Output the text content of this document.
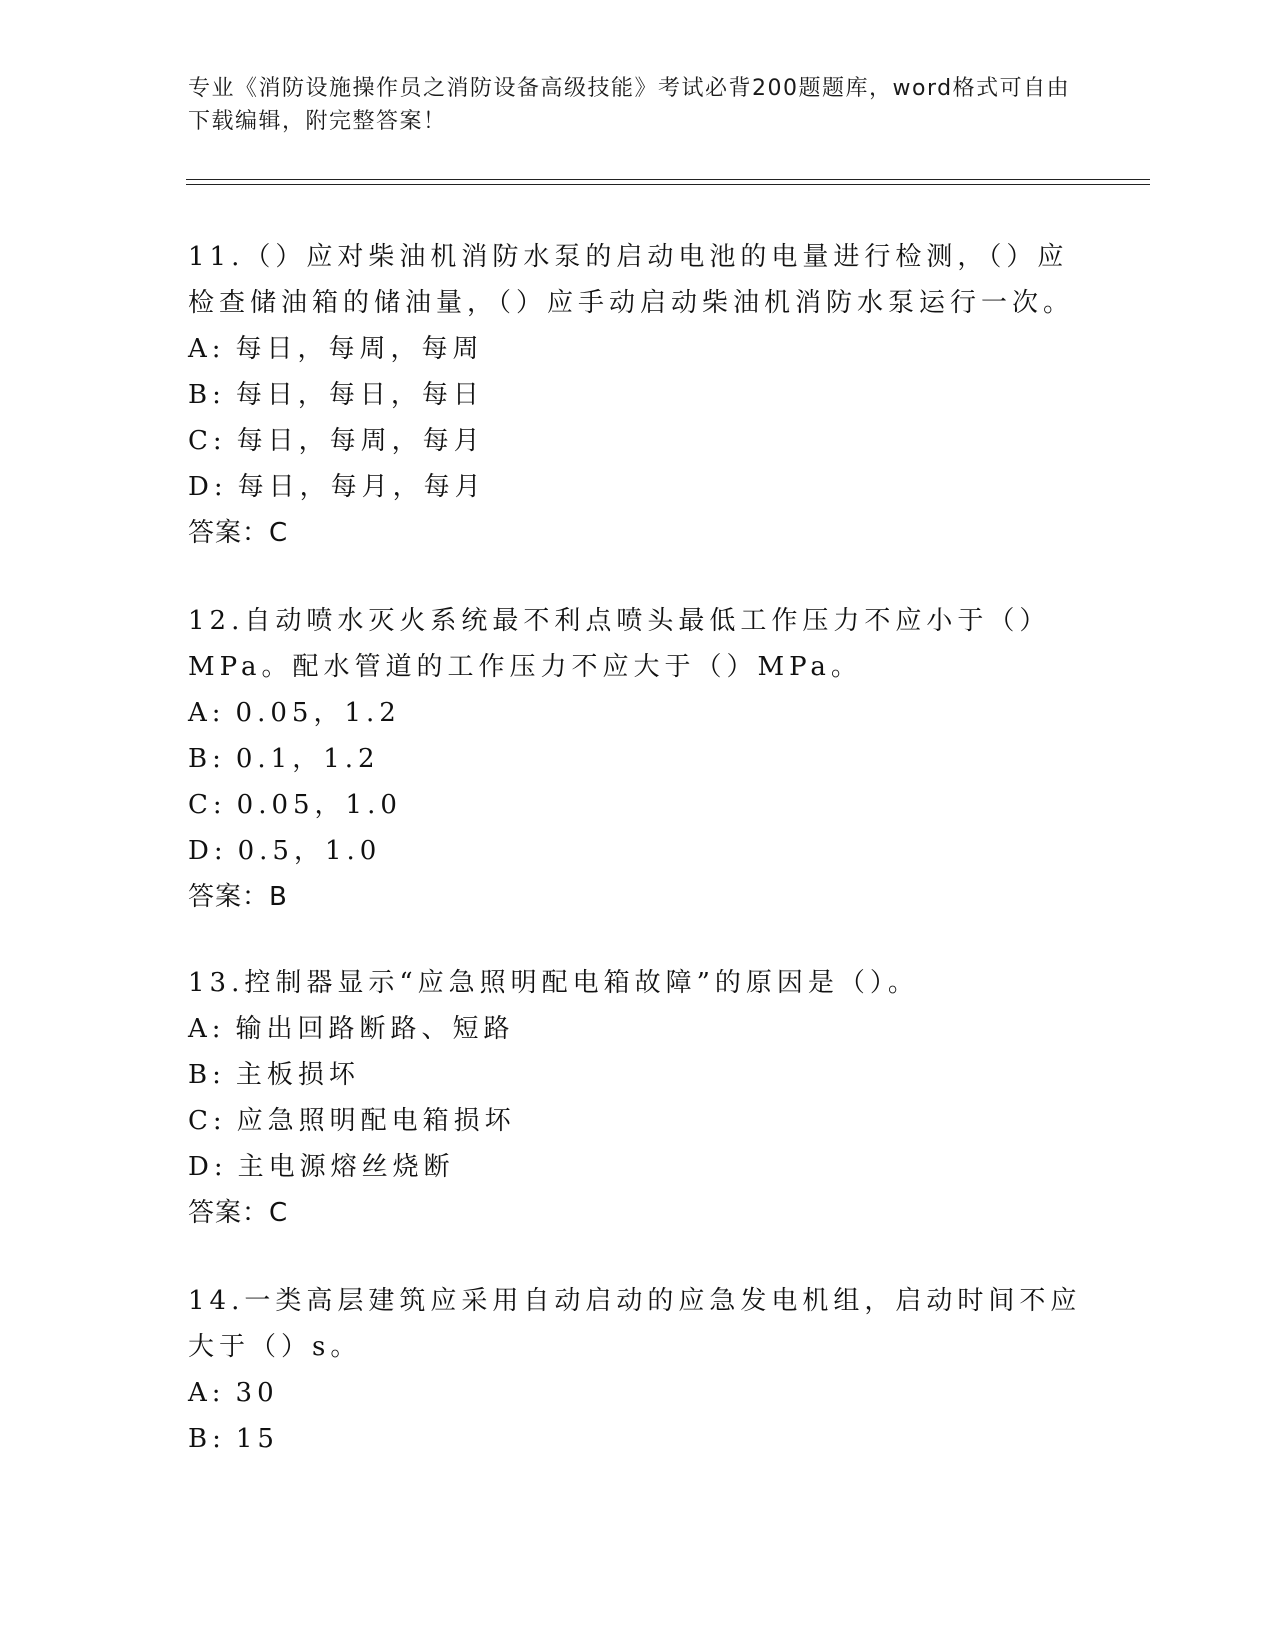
专业《消防设施操作员之消防设备高级技能》考试必背200题题库，word格式可自由下载编辑，附完整答案！

11.（）应对柴油机消防水泵的启动电池的电量进行检测，（）应检查储油箱的储油量，（）应手动启动柴油机消防水泵运行一次。

A: 每日，每周，每周
B: 每日，每日，每日
C: 每日，每周，每月
D: 每日，每月，每月
答案：C

12.自动喷水灭火系统最不利点喷头最低工作压力不应小于（）MPa。配水管道的工作压力不应大于（）MPa。

A: 0.05，1.2
B: 0.1，1.2
C: 0.05，1.0
D: 0.5，1.0
答案：B

13.控制器显示“应急照明配电箱故障”的原因是（）。

A: 输出回路断路、短路
B: 主板损坏
C: 应急照明配电箱损坏
D: 主电源熔丝烧断
答案：C

14.一类高层建筑应采用自动启动的应急发电机组，启动时间不应大于（）s。

A: 30
B: 15
